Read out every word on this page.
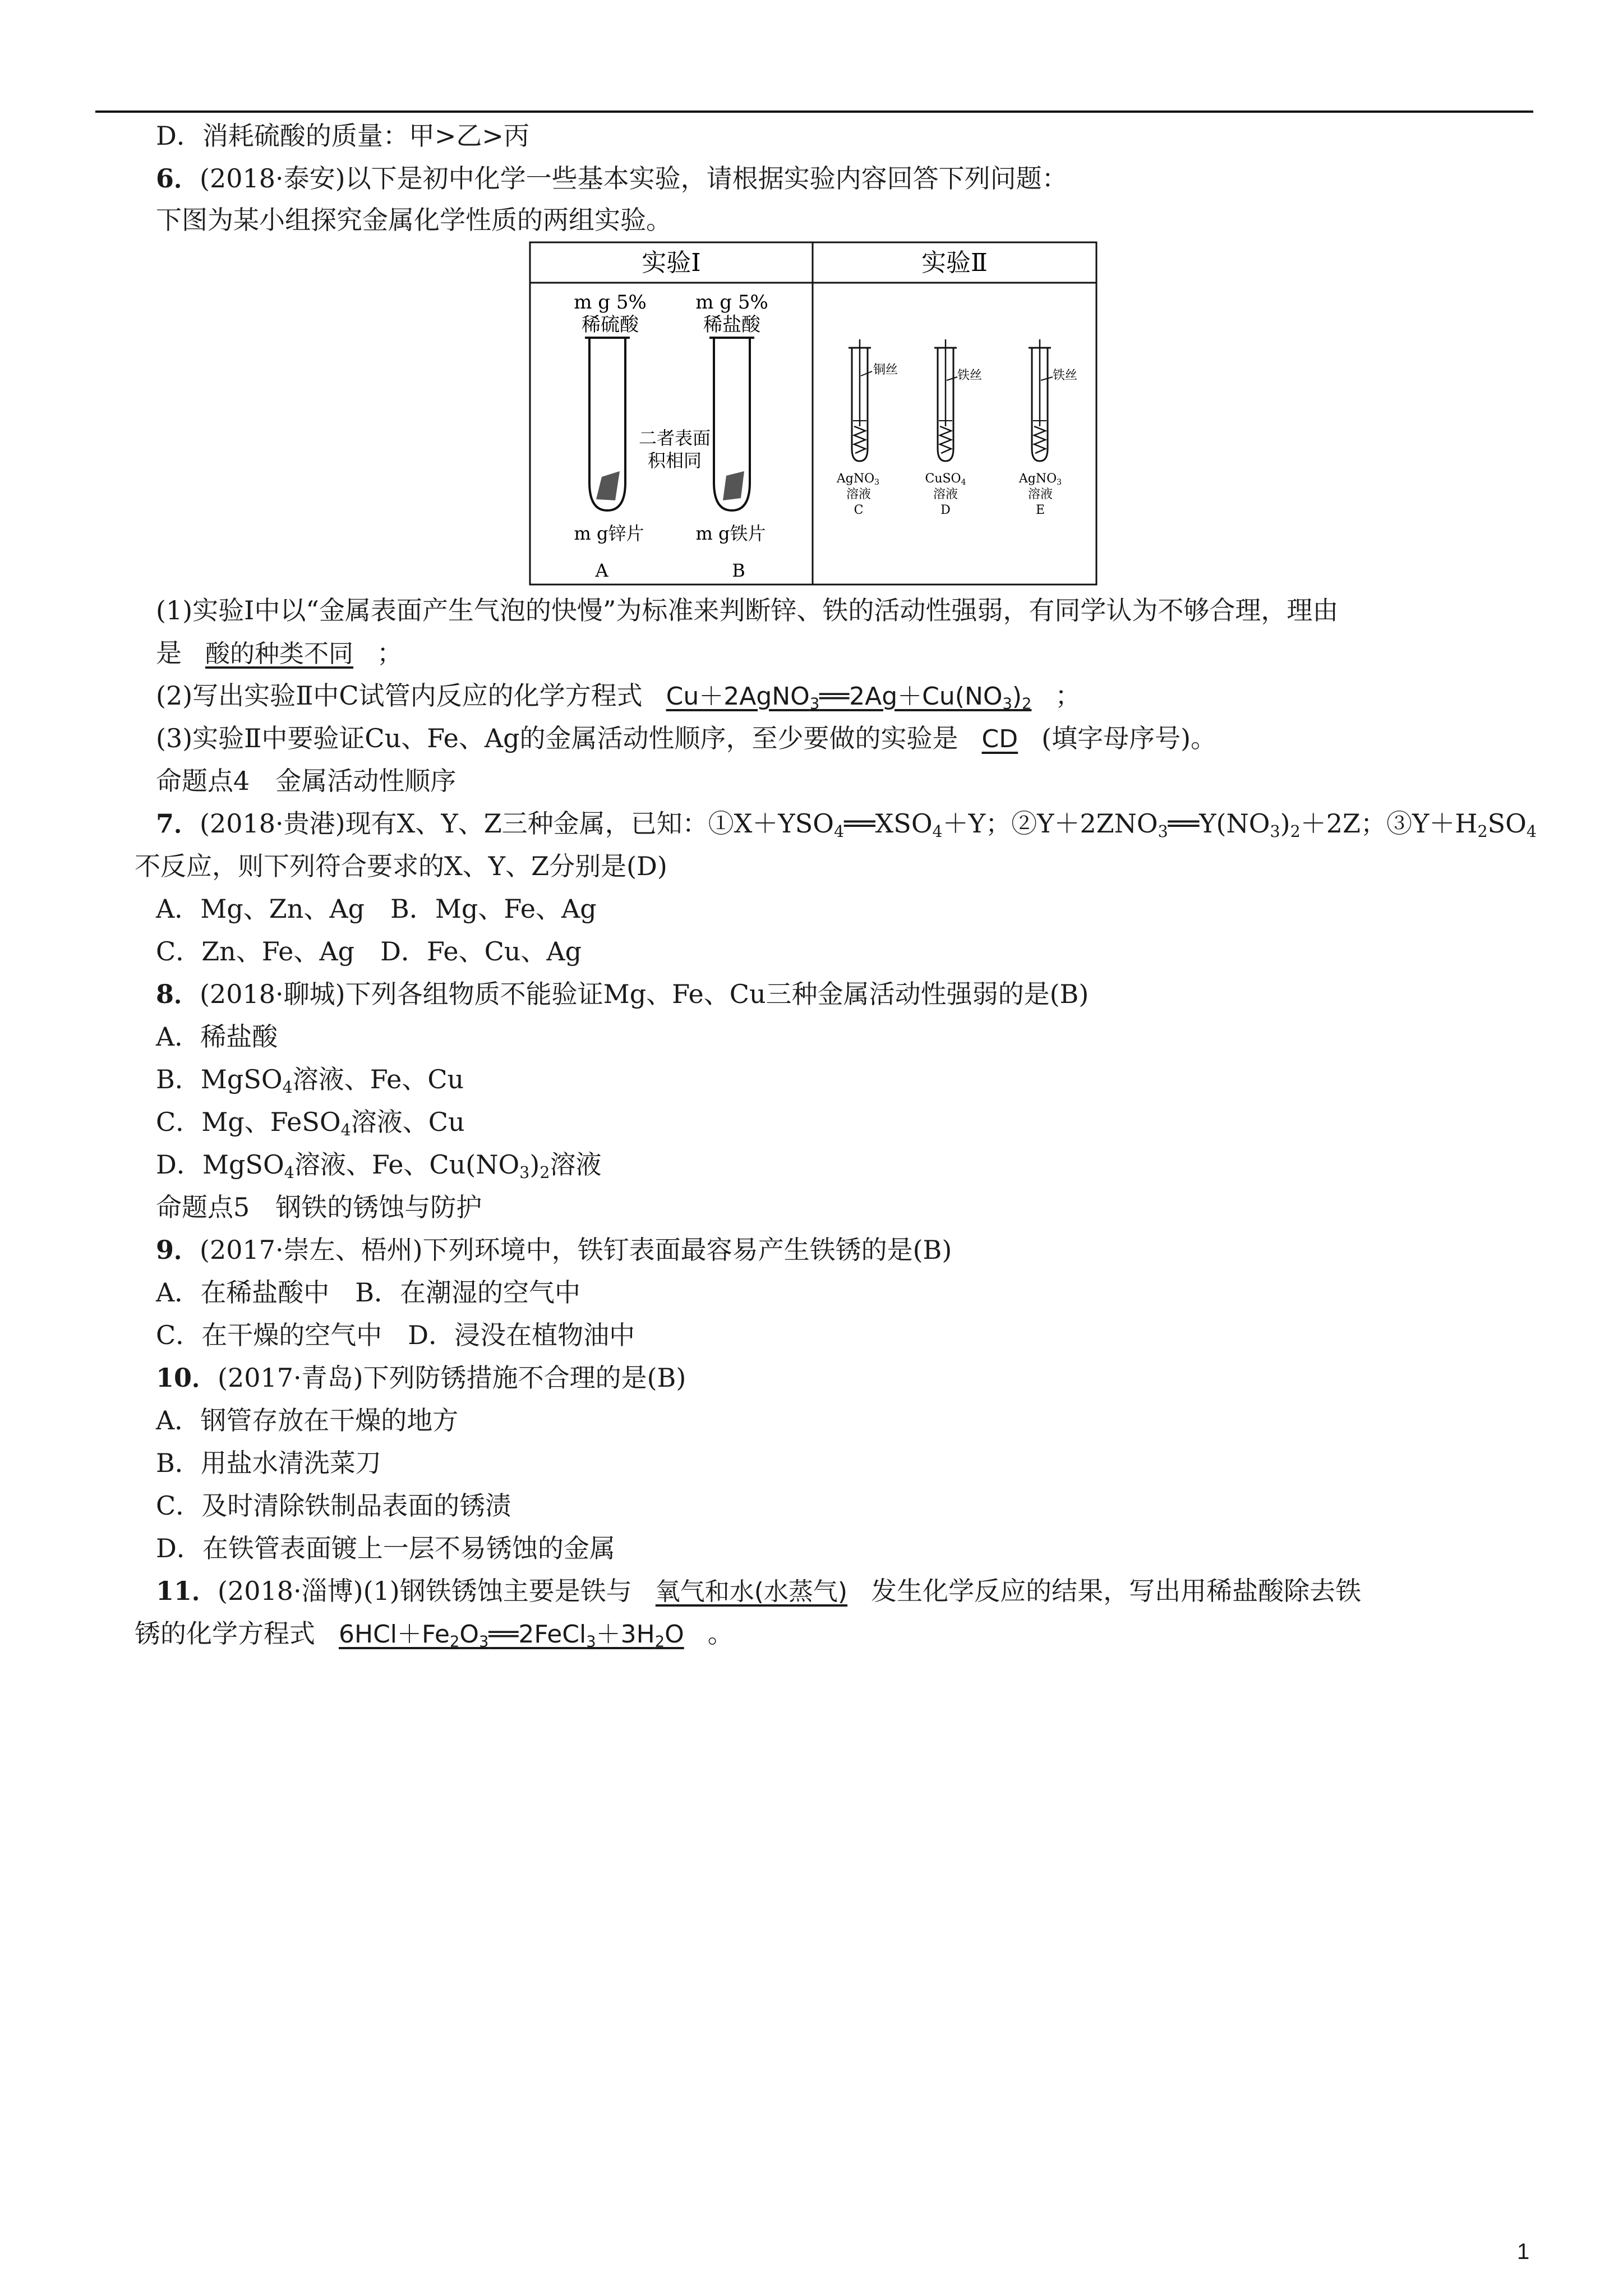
D．消耗硫酸的质量：甲>乙>丙
6．(2018·泰安)以下是初中化学一些基本实验，请根据实验内容回答下列问题：
下图为某小组探究金属化学性质的两组实验。
实验Ⅰ	实验Ⅱ
m g 5%
稀硫酸
m g 5%
稀盐酸
二者表面
积相同
m g锌片	m g铁片
A	B
铜丝	铁丝	铁丝
AgNO3
溶液
C
CuSO4
溶液
D
AgNO3
溶液
E
(1)实验Ⅰ中以“金属表面产生气泡的快慢”为标准来判断锌、铁的活动性强弱，有同学认为不够合理，理由
是 酸的种类不同 ；
(2)写出实验Ⅱ中C试管内反应的化学方程式 $Cu+2AgNO_3══2Ag+Cu(NO_3)_2$ ；
(3)实验Ⅱ中要验证Cu、Fe、Ag的金属活动性顺序，至少要做的实验是 CD (填字母序号)。
命题点4　金属活动性顺序
7．(2018·贵港)现有X、Y、Z三种金属，已知：$①X+YSO_4══XSO_4+Y$；$②Y+2ZNO_3══Y(NO_3)_2+2Z$；$③Y+H_2SO_4$
不反应，则下列符合要求的X、Y、Z分别是(D)
A．Mg、Zn、Ag　B．Mg、Fe、Ag
C．Zn、Fe、Ag　D．Fe、Cu、Ag
8．(2018·聊城)下列各组物质不能验证Mg、Fe、Cu三种金属活动性强弱的是(B)
A．稀盐酸
B．MgSO$_4$溶液、Fe、Cu
C．Mg、FeSO$_4$溶液、Cu
D．MgSO$_4$溶液、Fe、$Cu(NO_3)_2$溶液
命题点5　钢铁的锈蚀与防护
9．(2017·崇左、梧州)下列环境中，铁钉表面最容易产生铁锈的是(B)
A．在稀盐酸中　B．在潮湿的空气中
C．在干燥的空气中　D．浸没在植物油中
10．(2017·青岛)下列防锈措施不合理的是(B)
A．钢管存放在干燥的地方
B．用盐水清洗菜刀
C．及时清除铁制品表面的锈渍
D．在铁管表面镀上一层不易锈蚀的金属
11．(2018·淄博)(1)钢铁锈蚀主要是铁与 氧气和水(水蒸气) 发生化学反应的结果，写出用稀盐酸除去铁
锈的化学方程式 $6HCl+Fe_2O_3══2FeCl_3+3H_2O$ 。
1
